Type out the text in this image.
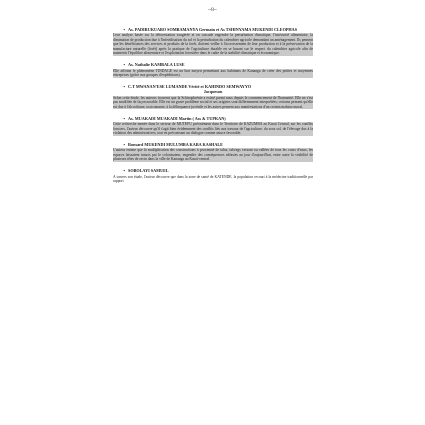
~8~
• As. PADIRUKUABO SOMBAMANYA Germain et As TSHINYAMA MUKENDI CLEOPHAS
Leur analyse basée sur la déforestation exagérée et en cascade engendre la perturbation climatique, l'insécurité alimentaire, la diminution de production due à l'infertilisation du sol et la perturbation du calendrier agricole demandant un aménagement. Ils pensent que les bénéficiaires des services et produits de la forêt, doivent veiller à l'accroissement de leur production et à la préservation de la manufacture naturelle (forêt) après la pratique de l'agriculture durable en se basant sur le respect du calendrier agricole afin de maintenir l'équilibre alimentaire et l'exploitation forestière dans le cadre de la stabilité climatique et économique.
• As. Nathalie KAMBALA LUSE
Elle affirme le phénomène TINDAGE est un bon moyen permettant aux habitants de Kananga de créer des petites et moyennes entreprises (grâce aux groupes d'expéditions).
• C.T MWANAN'ESE LUMANDE Vérité et KAHINDO SEMWAYYO
Jacqueson
Selon cette étude, les auteurs trouvent que la Schizophrénie a existé parmi nous depuis le commencement de l'humanité. Elle ne s'est pas modifiée de façon notable. Elle est un grave problème social et ses origines sont différemment interprétées; certains pensent qu'elle est due à l'alcoolisme, toxicomanie, à la délinquance juvénile et les autres pensent aux manifestations d'un certain malaise moral.
• As. MUAKADI MUAKADI Martin ( Ass & TUPKAN)
Cette recherche menée dans le secteur de MUTEFU précisément dans le Territoire de KAZUMBA au Kasaï Central, sur les conflits fonciers, l'auteur découvre qu'il s'agit bien évidemment des conflits liés aux travaux de l'agriculture, du sous sol, de l'élevage dus à la violation des administratives, tout en préconisant un dialogue comme astuce favorable.
• Ronsard MUKENDI MULUMBA KABA KASHALE
L'auteur estime que la multiplication des constructions à proximité de talus, talwegs versant ou vallées de tous les cours d'eaux, les espaces laissaient intacts par le colonisateur, engendre des conséquences néfastes au jour d'aujourd'hui, entre autre la visibilité de plusieurs têtes de ravin dans la ville de Kananga au Kasaï-central.
• SOBOLAYI SAMUEL
A travers son étude, l'auteur découvre que dans la zone de santé de KATENDE, la population recourt à la médecine traditionnelle par rapport
